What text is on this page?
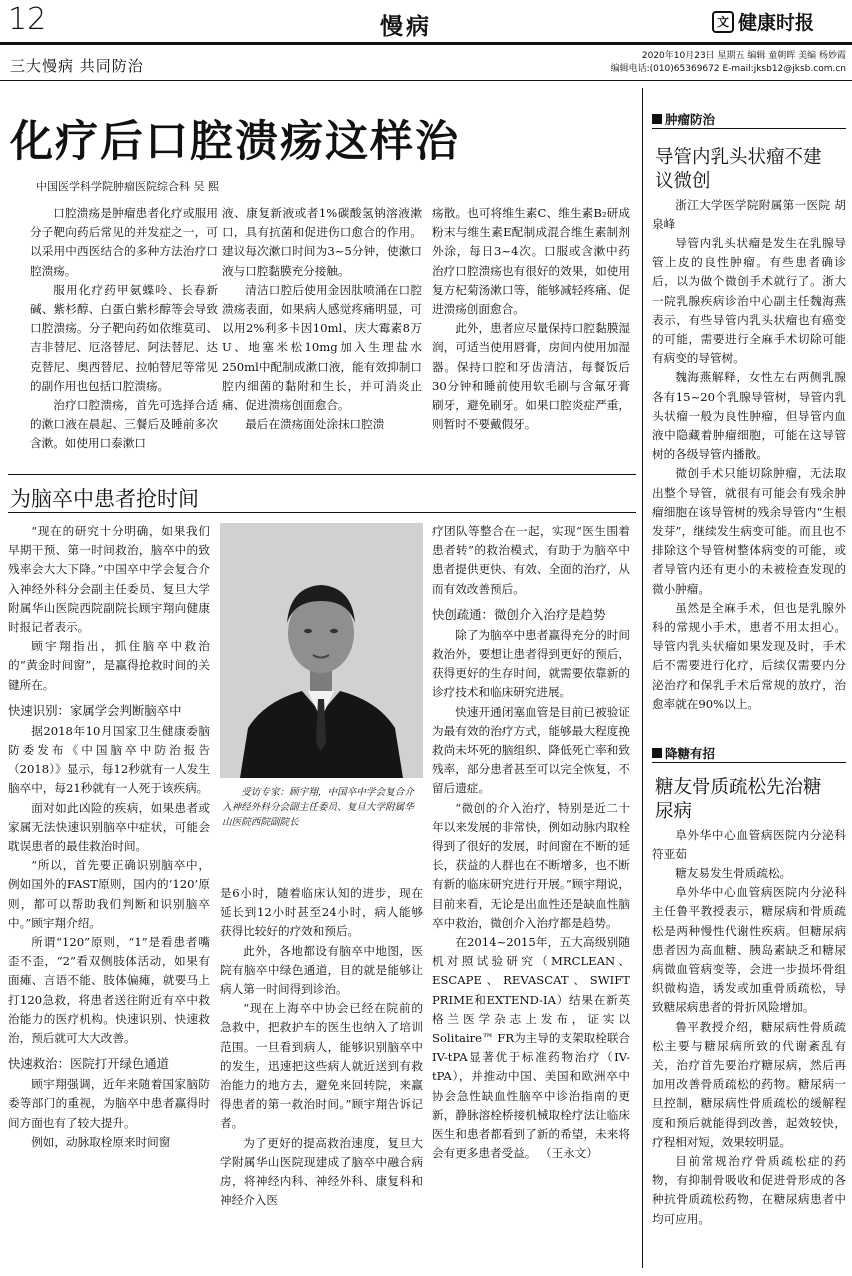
12	慢病	文 健康时报
三大慢病 共同防治
2020年10月23日 星期五 编辑 童朝晖 美编 杨妙霞
编辑电话:(010)65369672 E-mail:jksb12@jksb.com.cn
化疗后口腔溃疡这样治
中国医学科学院肿瘤医院综合科 吴 熙

口腔溃疡是肿瘤患者化疗或服用分子靶向药后常见的并发症之一，可以采用中西医结合的多种方法治疗口腔溃疡。

服用化疗药甲氨蝶呤、长春新碱、紫杉醇、白蛋白紫杉醇等会导致口腔溃疡。分子靶向药如依维莫司、吉非替尼、厄洛替尼、阿法替尼、达克替尼、奥西替尼、拉帕替尼等常见的副作用也包括口腔溃疡。

治疗口腔溃疡，首先可选择合适的漱口液在晨起、三餐后及睡前多次含漱。如使用口泰漱口

液、康复新液或者1%碳酸氢钠溶液漱口，具有抗菌和促进伤口愈合的作用。建议每次漱口时间为3~5分钟，使漱口液与口腔黏膜充分接触。

清洁口腔后使用金因肽喷涌在口腔溃疡表面，如果病人感觉疼痛明显，可以用2%利多卡因10ml、庆大霉素8万U、地塞米松10mg加入生理盐水250ml中配制成漱口液，能有效抑制口腔内细菌的黏附和生长，并可消炎止痛、促进溃疡创面愈合。

最后在溃疡面处涂抹口腔溃

疡散。也可将维生素C、维生素B₂研成粉末与维生素E配制成混合维生素制剂外涂，每日3~4次。口服或含漱中药治疗口腔溃疡也有很好的效果，如使用复方杞菊汤漱口等，能够减轻疼痛、促进溃疡创面愈合。

此外，患者应尽量保持口腔黏膜湿润，可适当使用唇膏，房间内使用加湿器。保持口腔和牙齿清洁，每餐饭后30分钟和睡前使用软毛刷与含氟牙膏刷牙，避免刷牙。如果口腔炎症严重，则暂时不要戴假牙。

为脑卒中患者抢时间

“现在的研究十分明确，如果我们早期干预、第一时间救治，脑卒中的致残率会大大下降。”中国卒中学会复合介入神经外科分会副主任委员、复旦大学附属华山医院西院副院长顾宇翔向健康时报记者表示。

顾宇翔指出，抓住脑卒中救治的“黄金时间窗”，是赢得抢救时间的关键所在。

快速识别：家属学会判断脑卒中

据2018年10月国家卫生健康委脑防委发布《中国脑卒中防治报告（2018）》显示，每12秒就有一人发生脑卒中，每21秒就有一人死于该疾病。

面对如此凶险的疾病，如果患者或家属无法快速识别脑卒中症状，可能会耽误患者的最佳救治时间。

“所以，首先要正确识别脑卒中，例如国外的FAST原则，国内的‘120’原则，都可以帮助我们判断和识别脑卒中。”顾宇翔介绍。

所谓“120”原则，“1”是看患者嘴歪不歪，“2”看双侧肢体活动，如果有面瘫、言语不能、肢体偏瘫，就要马上打120急救，将患者送往附近有卒中救治能力的医疗机构。快速识别、快速救治，预后就可大大改善。

快速救治：医院打开绿色通道

顾宇翔强调，近年来随着国家脑防委等部门的重视，为脑卒中患者赢得时间方面也有了较大提升。

例如，动脉取栓原来时间窗

受访专家：顾宇翔，中国卒中学会复合介入神经外科分会副主任委员、复旦大学附属华山医院西院副院长

是6小时，随着临床认知的进步，现在延长到12小时甚至24小时，病人能够获得比较好的疗效和预后。

此外，各地都设有脑卒中地图，医院有脑卒中绿色通道，目的就是能够让病人第一时间得到诊治。

“现在上海卒中协会已经在院前的急救中，把救护车的医生也纳入了培训范围。一旦看到病人，能够识别脑卒中的发生，迅速把这些病人就近送到有救治能力的地方去，避免来回转院，来赢得患者的第一救治时间。”顾宇翔告诉记者。

为了更好的提高救治速度，复旦大学附属华山医院现建成了脑卒中融合病房，将神经内科、神经外科、康复科和神经介入医

疗团队等整合在一起，实现“医生围着患者转”的救治模式，有助于为脑卒中患者提供更快、有效、全面的治疗，从而有效改善预后。

快创疏通：微创介入治疗是趋势

除了为脑卒中患者赢得充分的时间救治外，要想让患者得到更好的预后，获得更好的生存时间，就需要依靠新的诊疗技术和临床研究进展。

快速开通闭塞血管是目前已被验证为最有效的治疗方式，能够最大程度挽救尚未坏死的脑组织、降低死亡率和致残率，部分患者甚至可以完全恢复，不留后遗症。

“微创的介入治疗，特别是近二十年以来发展的非常快，例如动脉内取栓得到了很好的发展，时间窗在不断的延长，获益的人群也在不断增多，也不断有新的临床研究进行开展。”顾宇翔说，目前来看，无论是出血性还是缺血性脑卒中救治，微创介入治疗都是趋势。

在2014~2015年，五大高级别随机对照试验研究（MRCLEAN、ESCAPE、REVASCAT、SWIFT PRIME和EXTEND-IA）结果在新英格兰医学杂志上发布，证实以Solitaire™ FR为主导的支架取栓联合IV-tPA显著优于标准药物治疗（IV-tPA），并推动中国、美国和欧洲卒中协会急性缺血性脑卒中诊治指南的更新，静脉溶栓桥接机械取栓疗法让临床医生和患者都看到了新的希望，未来将会有更多患者受益。 （王永文）

肿瘤防治
导管内乳头状瘤不建议微创

浙江大学医学院附属第一医院 胡泉峰

导管内乳头状瘤是发生在乳腺导管上皮的良性肿瘤。有些患者确诊后，以为做个微创手术就行了。浙大一院乳腺疾病诊治中心副主任魏海燕表示，有些导管内乳头状瘤也有癌变的可能，需要进行全麻手术切除可能有病变的导管树。

魏海燕解释，女性左右两侧乳腺各有15~20个乳腺导管树，导管内乳头状瘤一般为良性肿瘤，但导管内血液中隐藏着肿瘤细胞，可能在这导管树的各级导管内播散。

微创手术只能切除肿瘤，无法取出整个导管，就很有可能会有残余肿瘤细胞在该导管树的残余导管内“生根发芽”，继续发生病变可能。而且也不排除这个导管树整体病变的可能，或者导管内还有更小的未被检查发现的微小肿瘤。

虽然是全麻手术，但也是乳腺外科的常规小手术，患者不用太担心。导管内乳头状瘤如果发现及时，手术后不需要进行化疗，后续仅需要内分泌治疗和保乳手术后常规的放疗，治愈率就在90%以上。

降糖有招
糖友骨质疏松先治糖尿病

阜外华中心血管病医院内分泌科 符亚茹

糖友易发生骨质疏松。

阜外华中心血管病医院内分泌科主任鲁平教授表示，糖尿病和骨质疏松是两种慢性代谢性疾病。但糖尿病患者因为高血糖、胰岛素缺乏和糖尿病微血管病变等，会进一步损坏骨组织微构造，诱发或加重骨质疏松，导致糖尿病患者的骨折风险增加。

鲁平教授介绍，糖尿病性骨质疏松主要与糖尿病所致的代谢紊乱有关，治疗首先要治疗糖尿病，然后再加用改善骨质疏松的药物。糖尿病一旦控制，糖尿病性骨质疏松的缓解程度和预后就能得到改善，起效较快，疗程相对短，效果较明显。

目前常规治疗骨质疏松症的药物，有抑制骨吸收和促进骨形成的各种抗骨质疏松药物，在糖尿病患者中均可应用。
